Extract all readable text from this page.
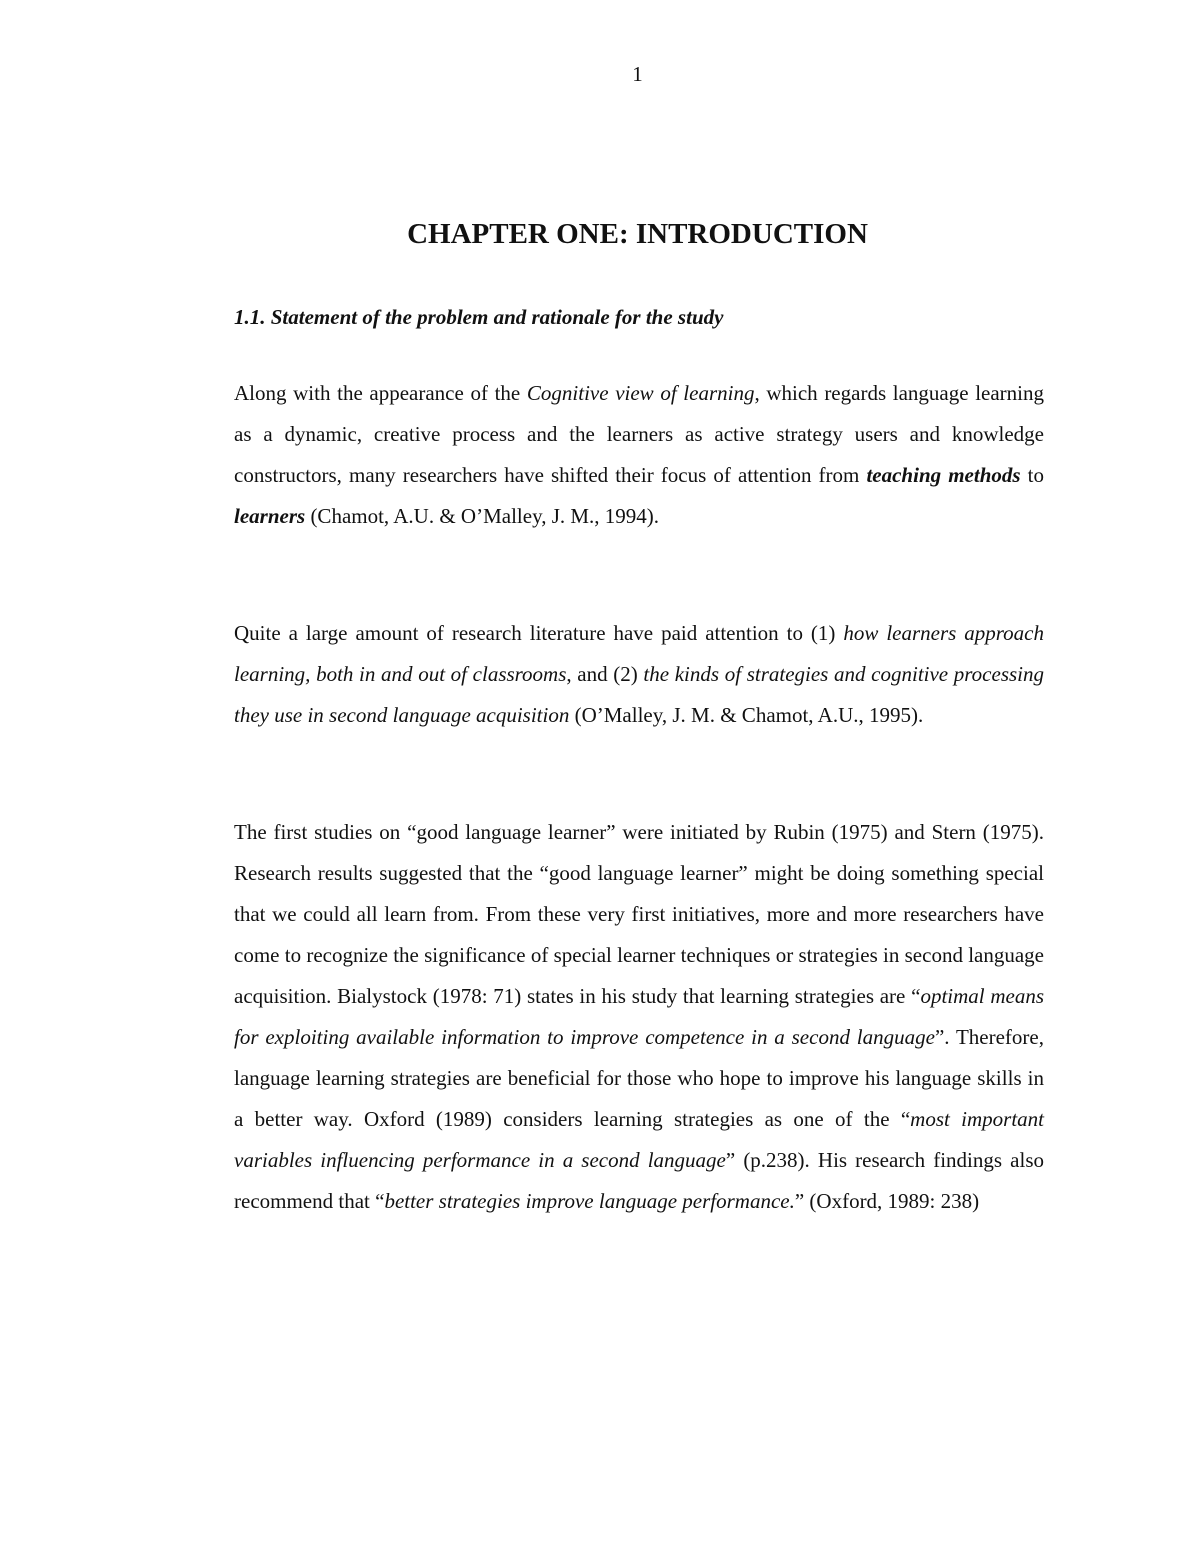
1
CHAPTER ONE: INTRODUCTION
1.1. Statement of the problem and rationale for the study

Along with the appearance of the Cognitive view of learning, which regards language learning as a dynamic, creative process and the learners as active strategy users and knowledge constructors, many researchers have shifted their focus of attention from teaching methods to learners (Chamot, A.U. & O’Malley, J. M., 1994).

Quite a large amount of research literature have paid attention to (1) how learners approach learning, both in and out of classrooms, and (2) the kinds of strategies and cognitive processing they use in second language acquisition (O’Malley, J. M. & Chamot, A.U., 1995).

The first studies on “good language learner” were initiated by Rubin (1975) and Stern (1975). Research results suggested that the “good language learner” might be doing something special that we could all learn from. From these very first initiatives, more and more researchers have come to recognize the significance of special learner techniques or strategies in second language acquisition. Bialystock (1978: 71) states in his study that learning strategies are “optimal means for exploiting available information to improve competence in a second language”. Therefore, language learning strategies are beneficial for those who hope to improve his language skills in a better way. Oxford (1989) considers learning strategies as one of the “most important variables influencing performance in a second language” (p.238). His research findings also recommend that “better strategies improve language performance.” (Oxford, 1989: 238)
